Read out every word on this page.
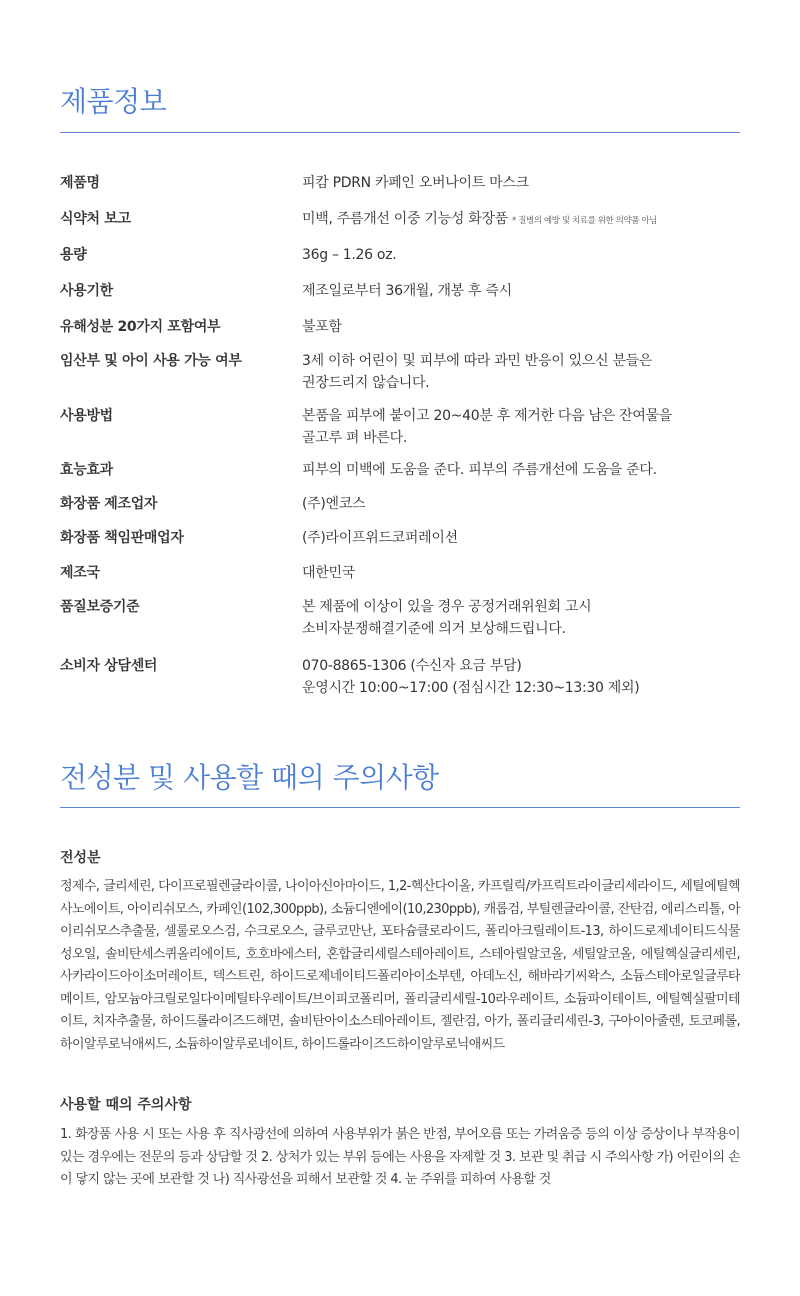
제품정보
제품명	피캄 PDRN 카페인 오버나이트 마스크
식약처 보고	미백, 주름개선 이중 기능성 화장품 * 질병의 예방 및 치료를 위한 의약품 아님
용량	36g – 1.26 oz.
사용기한	제조일로부터 36개월, 개봉 후 즉시
유해성분 20가지 포함여부	불포함
임산부 및 아이 사용 가능 여부	3세 이하 어린이 및 피부에 따라 과민 반응이 있으신 분들은
권장드리지 않습니다.
사용방법	본품을 피부에 붙이고 20~40분 후 제거한 다음 남은 잔여물을
골고루 펴 바른다.
효능효과	피부의 미백에 도움을 준다. 피부의 주름개선에 도움을 준다.
화장품 제조업자	(주)엔코스
화장품 책임판매업자	(주)라이프위드코퍼레이션
제조국	대한민국
품질보증기준	본 제품에 이상이 있을 경우 공정거래위원회 고시
소비자분쟁해결기준에 의거 보상해드립니다.
소비자 상담센터	070-8865-1306 (수신자 요금 부담)
운영시간 10:00~17:00 (점심시간 12:30~13:30 제외)
전성분 및 사용할 때의 주의사항
전성분
정제수, 글리세린, 다이프로필렌글라이콜, 나이아신아마이드, 1,2-헥산다이올, 카프릴릭/카프릭트라이글리세라이드, 세틸에틸헥사노에이트, 아이리쉬모스, 카페인(102,300ppb), 소듐디엔에이(10,230ppb), 캐롭검, 부틸렌글라이콜, 잔탄검, 에리스리톨, 아이리쉬모스추출물, 셀룰로오스검, 수크로오스, 글루코만난, 포타슘클로라이드, 폴리아크릴레이트-13, 하이드로제네이티드식물성오일, 솔비탄세스퀴올리에이트, 호호바에스터, 혼합글리세릴스테아레이트, 스테아릴알코올, 세틸알코올, 에틸헥실글리세린, 사카라이드아이소머레이트, 덱스트린, 하이드로제네이티드폴리아이소부텐, 아데노신, 해바라기씨왁스, 소듐스테아로일글루타메이트, 암모늄아크릴로일다이메틸타우레이트/브이피코폴리머, 폴리글리세릴-10라우레이트, 소듐파이테이트, 에틸헥실팔미테이트, 치자추출물, 하이드롤라이즈드해면, 솔비탄아이소스테아레이트, 젤란검, 아가, 폴리글리세린-3, 구아이아줄렌, 토코페롤, 하이알루로닉애씨드, 소듐하이알루로네이트, 하이드롤라이즈드하이알루로닉애씨드
사용할 때의 주의사항
1. 화장품 사용 시 또는 사용 후 직사광선에 의하여 사용부위가 붉은 반점, 부어오름 또는 가려움증 등의 이상 증상이나 부작용이 있는 경우에는 전문의 등과 상담할 것 2. 상처가 있는 부위 등에는 사용을 자제할 것 3. 보관 및 취급 시 주의사항 가) 어린이의 손이 닿지 않는 곳에 보관할 것 나) 직사광선을 피해서 보관할 것 4. 눈 주위를 피하여 사용할 것
